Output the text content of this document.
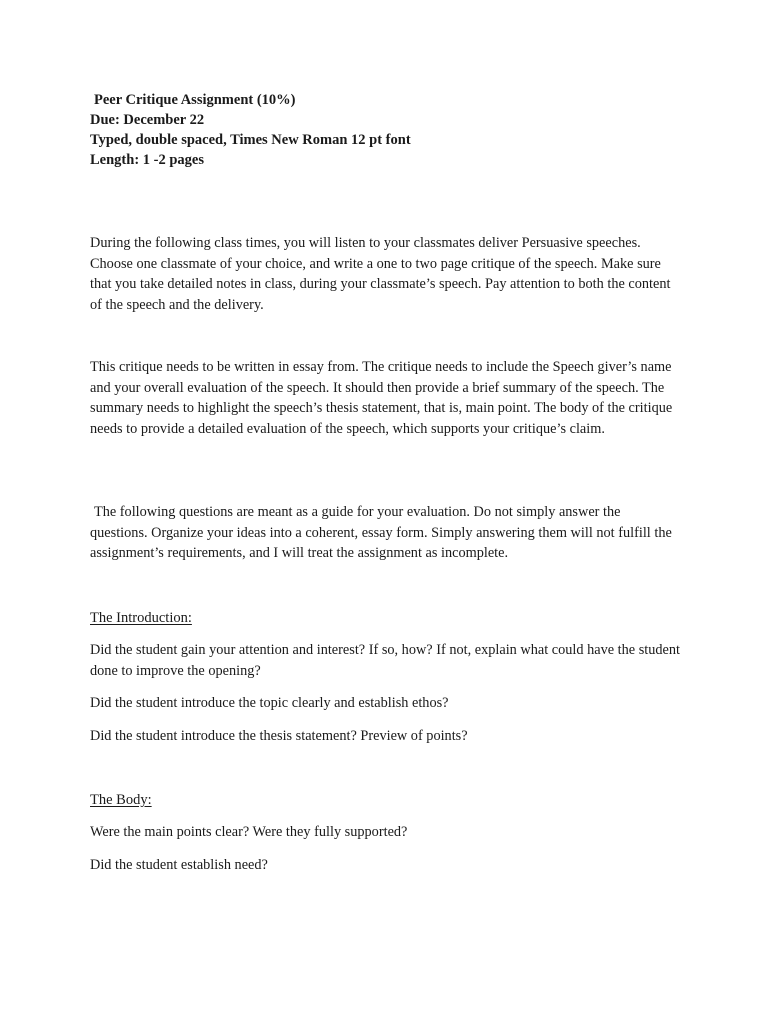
Peer Critique Assignment (10%)

Due: December 22

Typed, double spaced, Times New Roman 12 pt font

Length: 1 -2 pages

During the following class times, you will listen to your classmates deliver Persuasive speeches. Choose one classmate of your choice, and write a one to two page critique of the speech. Make sure that you take detailed notes in class, during your classmate’s speech. Pay attention to both the content of the speech and the delivery.

This critique needs to be written in essay from. The critique needs to include the Speech giver’s name and your overall evaluation of the speech. It should then provide a brief summary of the speech. The summary needs to highlight the speech’s thesis statement, that is, main point. The body of the critique needs to provide a detailed evaluation of the speech, which supports your critique’s claim.

The following questions are meant as a guide for your evaluation. Do not simply answer the questions. Organize your ideas into a coherent, essay form. Simply answering them will not fulfill the assignment’s requirements, and I will treat the assignment as incomplete.

The Introduction:

Did the student gain your attention and interest? If so, how? If not, explain what could have the student done to improve the opening?

Did the student introduce the topic clearly and establish ethos?

Did the student introduce the thesis statement? Preview of points?

The Body:

Were the main points clear? Were they fully supported?

Did the student establish need?
